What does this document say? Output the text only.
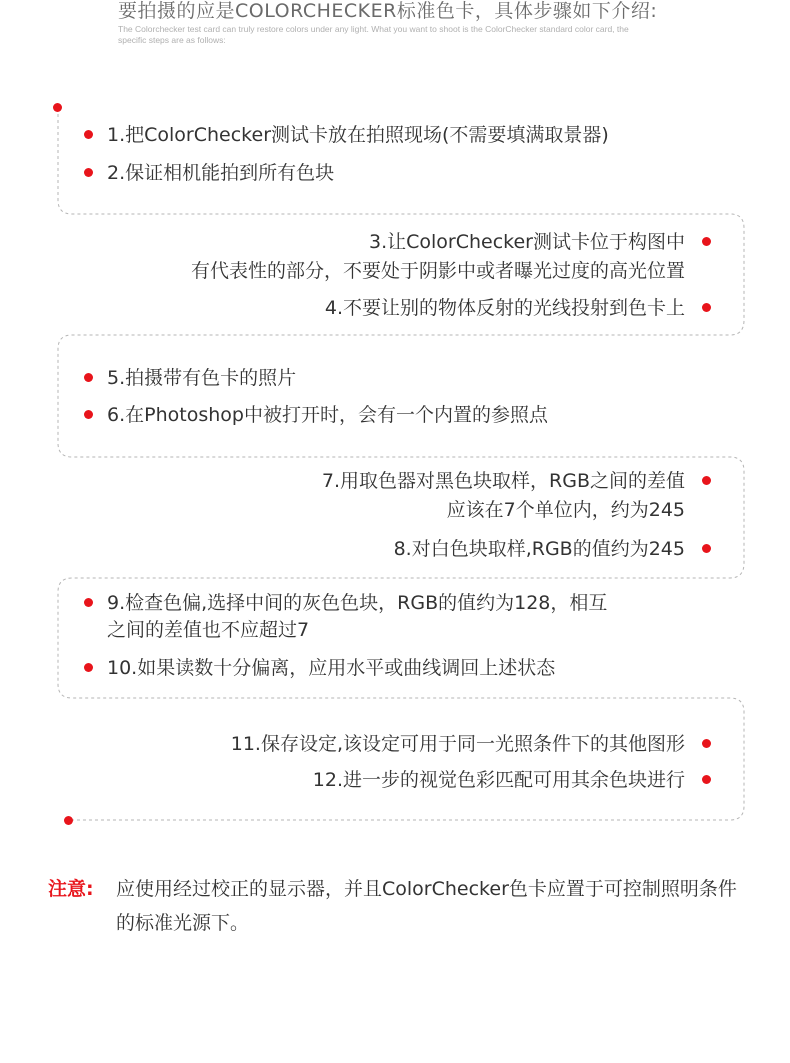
要拍摄的应是COLORCHECKER标准色卡，具体步骤如下介绍:
The Colorchecker test card can truly restore colors under any light. What you want to shoot is the ColorChecker standard color card, the specific steps are as follows:
1.把ColorChecker测试卡放在拍照现场(不需要填满取景器)
2.保证相机能拍到所有色块
3.让ColorChecker测试卡位于构图中
有代表性的部分，不要处于阴影中或者曝光过度的高光位置
4.不要让别的物体反射的光线投射到色卡上
5.拍摄带有色卡的照片
6.在Photoshop中被打开时，会有一个内置的参照点
7.用取色器对黑色块取样，RGB之间的差值
应该在7个单位内，约为245
8.对白色块取样,RGB的值约为245
9.检查色偏,选择中间的灰色色块，RGB的值约为128，相互
之间的差值也不应超过7
10.如果读数十分偏离，应用水平或曲线调回上述状态
11.保存设定,该设定可用于同一光照条件下的其他图形
12.进一步的视觉色彩匹配可用其余色块进行
注意: 应使用经过校正的显示器，并且ColorChecker色卡应置于可控制照明条件的标准光源下。
